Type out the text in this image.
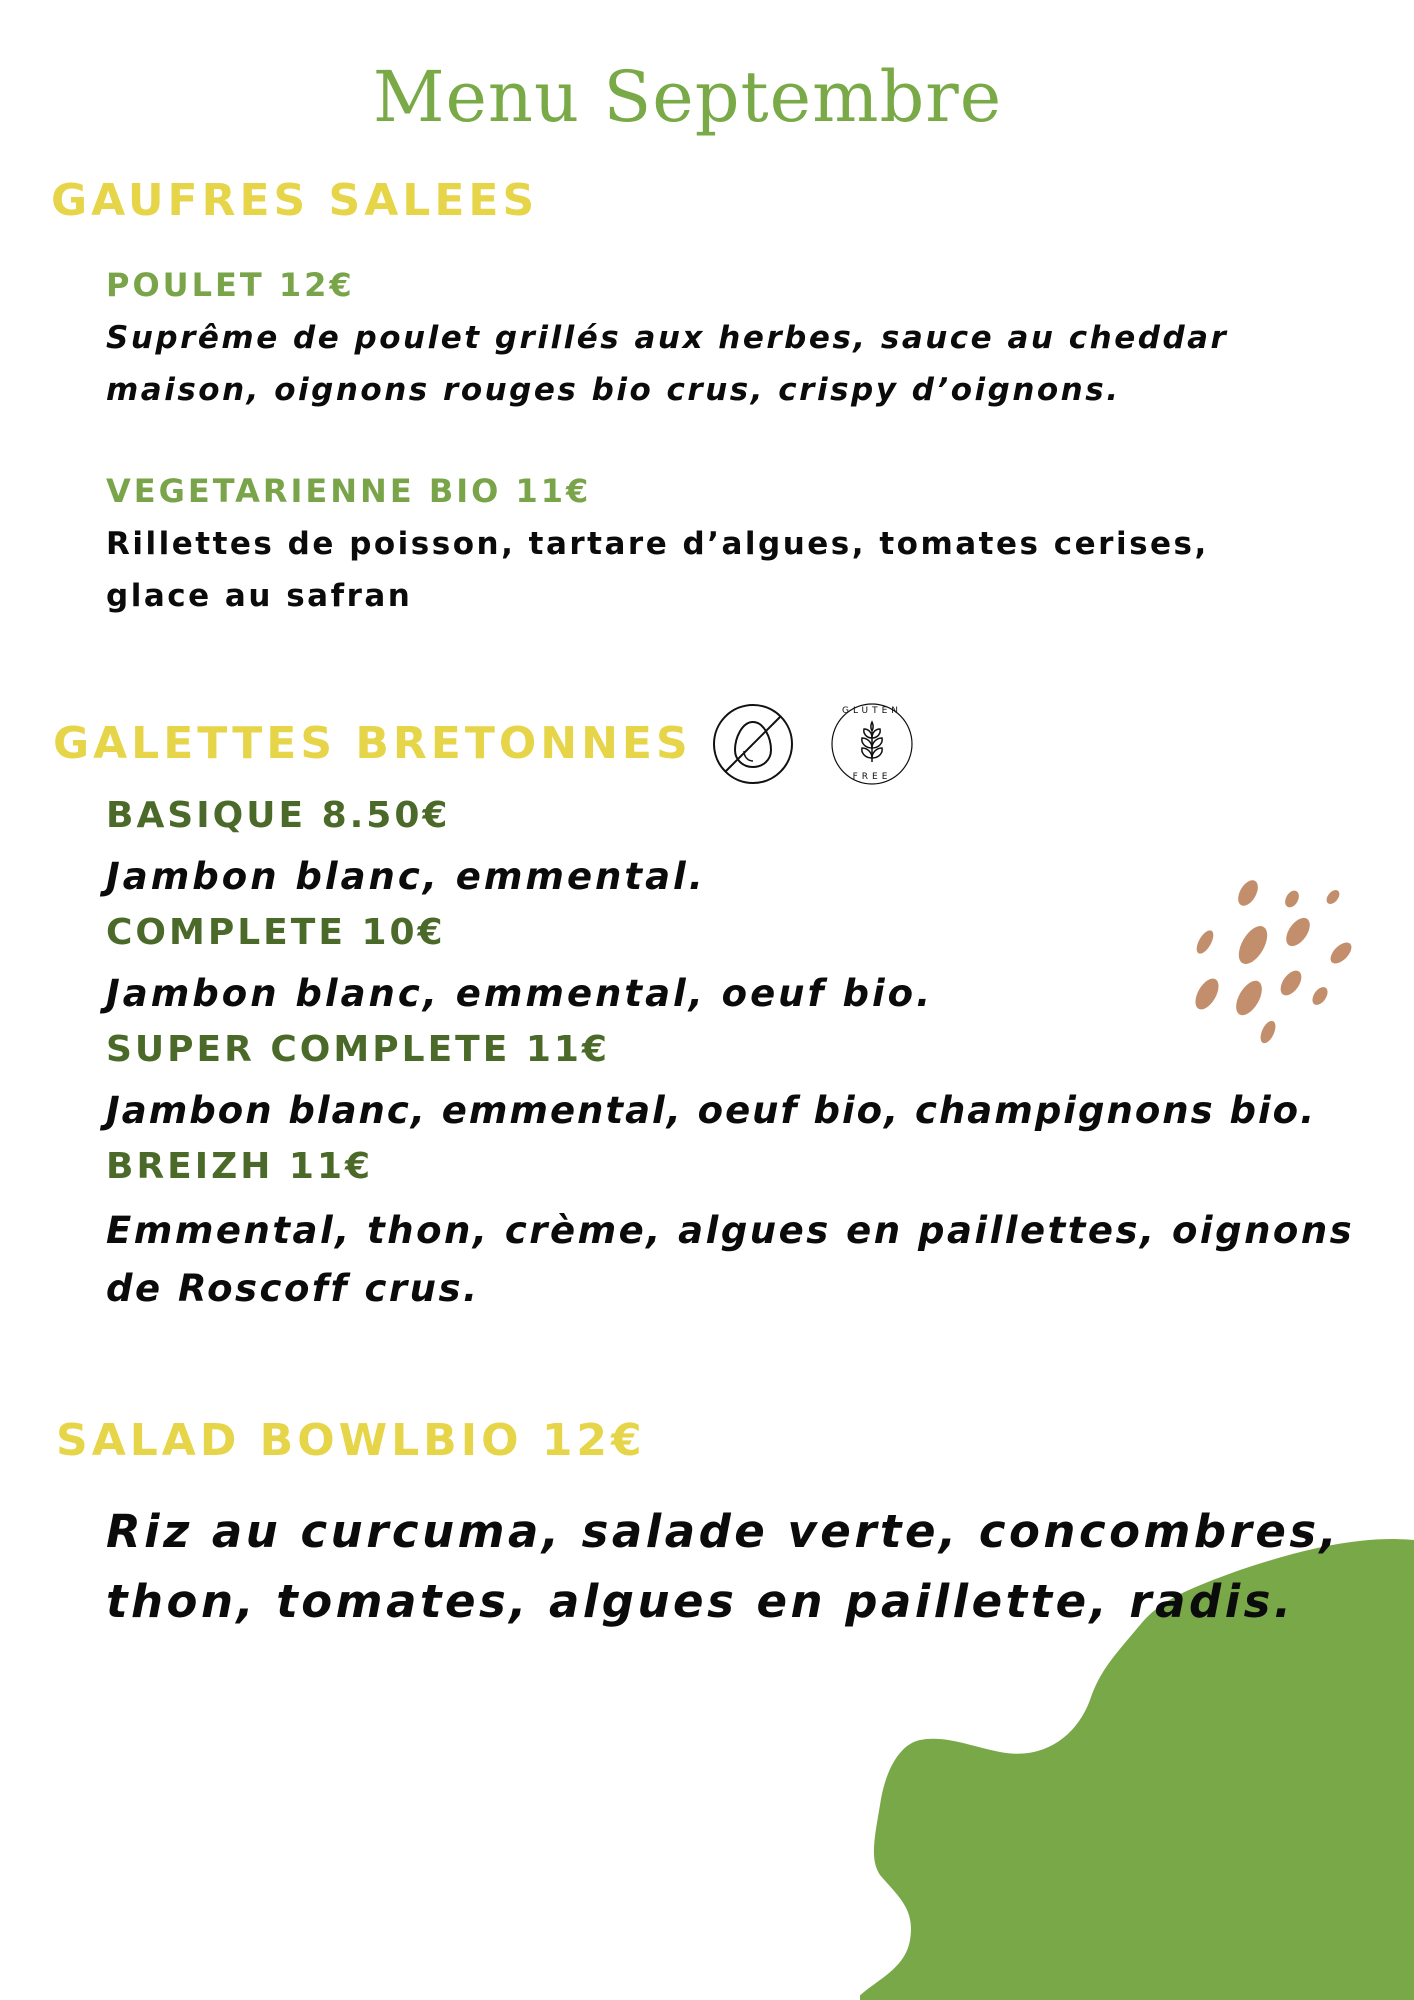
Menu Septembre
GAUFRES SALEES
POULET 12€
Suprême de poulet grillés aux herbes, sauce au cheddar
maison, oignons rouges bio crus, crispy d’oignons.
VEGETARIENNE BIO 11€
Rillettes de poisson, tartare d’algues, tomates cerises,
glace au safran
GALETTES BRETONNES
GLUTEN
FREE
BASIQUE 8.50€
Jambon blanc, emmental.
COMPLETE 10€
Jambon blanc, emmental, oeuf bio.
SUPER COMPLETE 11€
Jambon blanc, emmental, oeuf bio, champignons bio.
BREIZH 11€
Emmental, thon, crème, algues en paillettes, oignons
de Roscoff crus.
SALAD BOWLBIO 12€
Riz au curcuma, salade verte, concombres,
thon, tomates, algues en paillette, radis.
